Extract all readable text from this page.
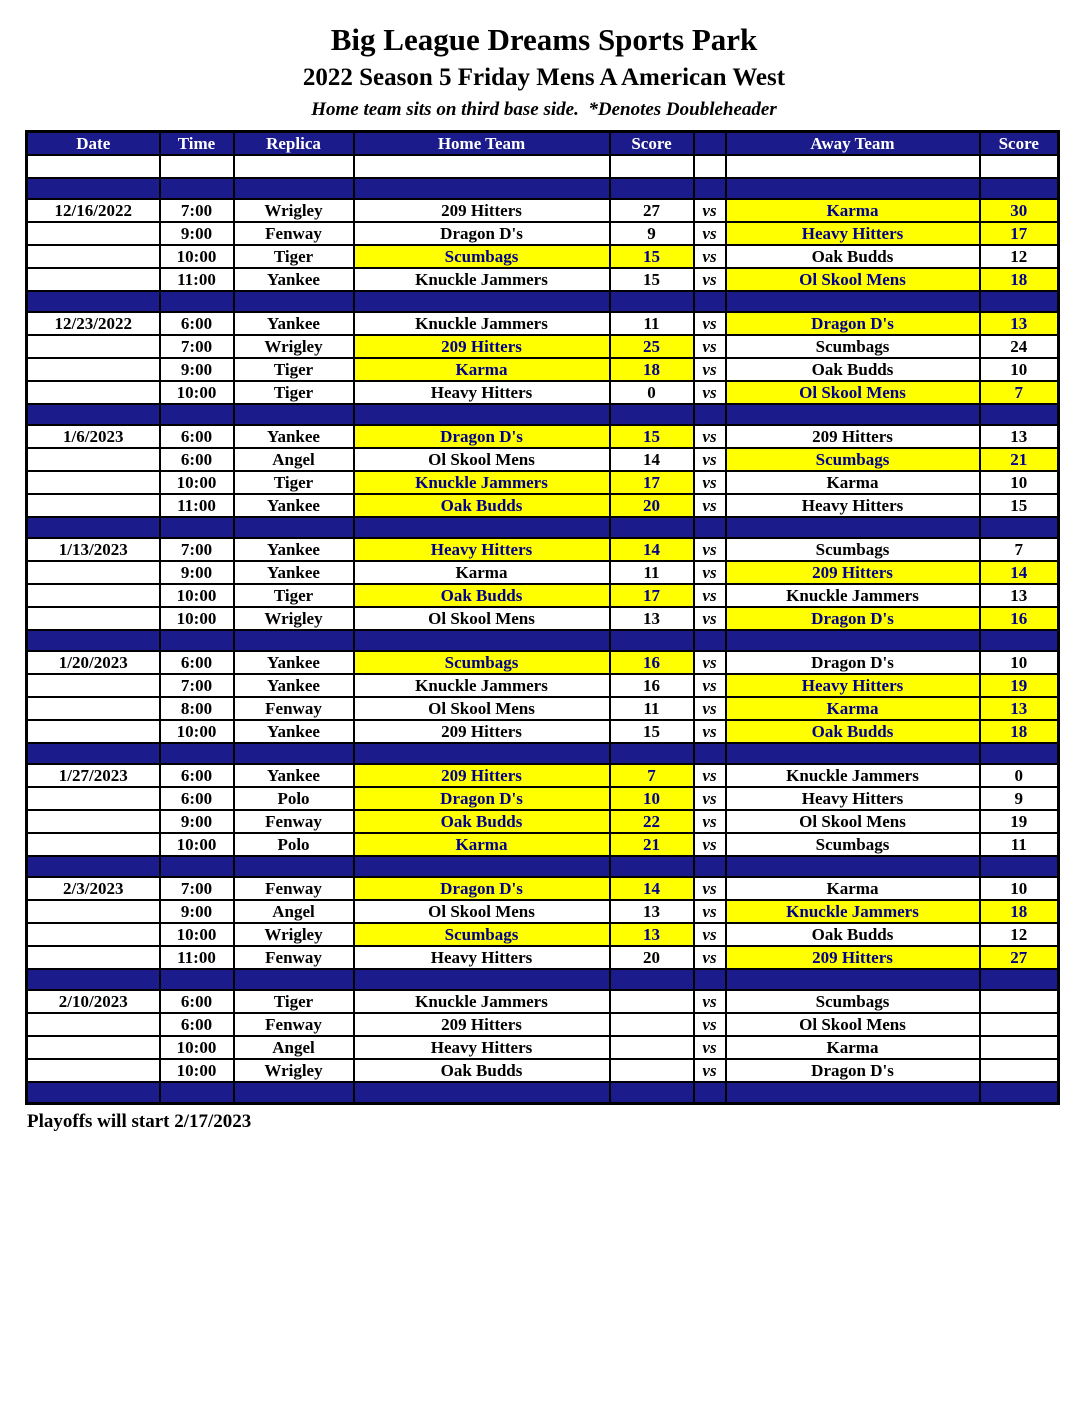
Big League Dreams Sports Park
2022 Season 5 Friday Mens A American West
Home team sits on third base side.  *Denotes Doubleheader
Date	Time	Replica	Home Team	Score		Away Team	Score

12/16/2022	7:00	Wrigley	209 Hitters	27	vs	Karma	30
	9:00	Fenway	Dragon D's	9	vs	Heavy Hitters	17
	10:00	Tiger	Scumbags	15	vs	Oak Budds	12
	11:00	Yankee	Knuckle Jammers	15	vs	Ol Skool Mens	18

12/23/2022	6:00	Yankee	Knuckle Jammers	11	vs	Dragon D's	13
	7:00	Wrigley	209 Hitters	25	vs	Scumbags	24
	9:00	Tiger	Karma	18	vs	Oak Budds	10
	10:00	Tiger	Heavy Hitters	0	vs	Ol Skool Mens	7

1/6/2023	6:00	Yankee	Dragon D's	15	vs	209 Hitters	13
	6:00	Angel	Ol Skool Mens	14	vs	Scumbags	21
	10:00	Tiger	Knuckle Jammers	17	vs	Karma	10
	11:00	Yankee	Oak Budds	20	vs	Heavy Hitters	15

1/13/2023	7:00	Yankee	Heavy Hitters	14	vs	Scumbags	7
	9:00	Yankee	Karma	11	vs	209 Hitters	14
	10:00	Tiger	Oak Budds	17	vs	Knuckle Jammers	13
	10:00	Wrigley	Ol Skool Mens	13	vs	Dragon D's	16

1/20/2023	6:00	Yankee	Scumbags	16	vs	Dragon D's	10
	7:00	Yankee	Knuckle Jammers	16	vs	Heavy Hitters	19
	8:00	Fenway	Ol Skool Mens	11	vs	Karma	13
	10:00	Yankee	209 Hitters	15	vs	Oak Budds	18

1/27/2023	6:00	Yankee	209 Hitters	7	vs	Knuckle Jammers	0
	6:00	Polo	Dragon D's	10	vs	Heavy Hitters	9
	9:00	Fenway	Oak Budds	22	vs	Ol Skool Mens	19
	10:00	Polo	Karma	21	vs	Scumbags	11

2/3/2023	7:00	Fenway	Dragon D's	14	vs	Karma	10
	9:00	Angel	Ol Skool Mens	13	vs	Knuckle Jammers	18
	10:00	Wrigley	Scumbags	13	vs	Oak Budds	12
	11:00	Fenway	Heavy Hitters	20	vs	209 Hitters	27

2/10/2023	6:00	Tiger	Knuckle Jammers		vs	Scumbags	
	6:00	Fenway	209 Hitters		vs	Ol Skool Mens	
	10:00	Angel	Heavy Hitters		vs	Karma	
	10:00	Wrigley	Oak Budds		vs	Dragon D's	

Playoffs will start 2/17/2023
